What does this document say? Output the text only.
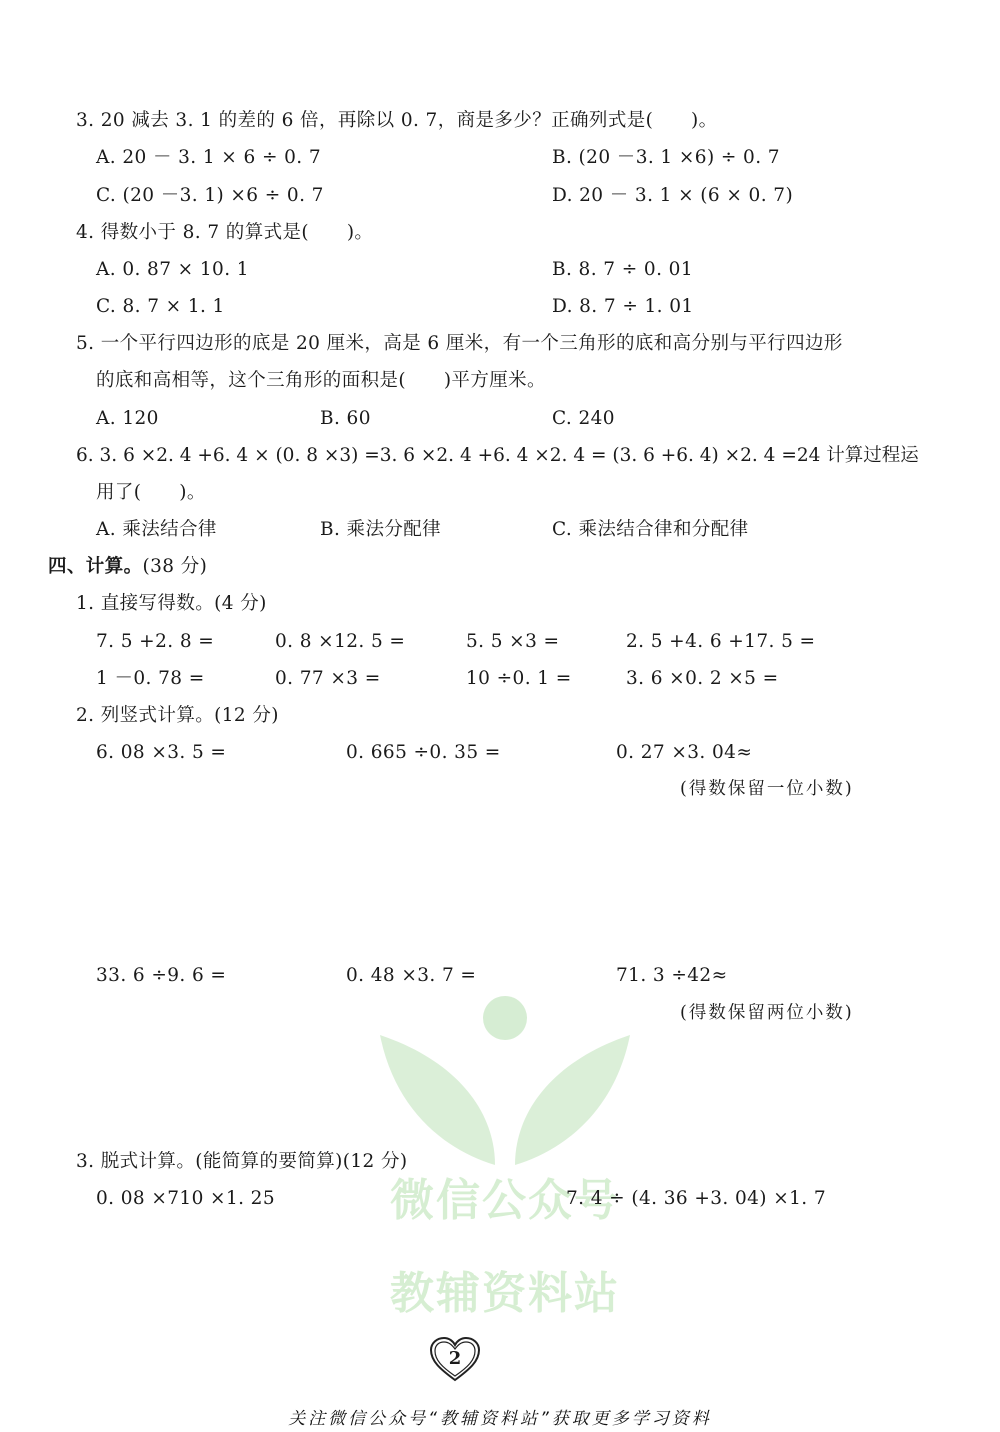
微信公众号
教辅资料站
3. 20 减去 3. 1 的差的 6 倍，再除以 0. 7，商是多少？正确列式是(　　)。
A. 20 － 3. 1 × 6 ÷ 0. 7	B. (20 －3. 1 ×6) ÷ 0. 7
C. (20 －3. 1) ×6 ÷ 0. 7	D. 20 － 3. 1 × (6 × 0. 7)
4. 得数小于 8. 7 的算式是(　　)。
A. 0. 87 × 10. 1	B. 8. 7 ÷ 0. 01
C. 8. 7 × 1. 1	D. 8. 7 ÷ 1. 01
5. 一个平行四边形的底是 20 厘米，高是 6 厘米，有一个三角形的底和高分别与平行四边形
的底和高相等，这个三角形的面积是(　　)平方厘米。
A. 120	B. 60	C. 240
6. 3. 6 ×2. 4 +6. 4 × (0. 8 ×3) =3. 6 ×2. 4 +6. 4 ×2. 4 = (3. 6 +6. 4) ×2. 4 =24 计算过程运
用了(　　)。
A. 乘法结合律	B. 乘法分配律	C. 乘法结合律和分配律
四、计算。(38 分)
1. 直接写得数。(4 分)
7. 5 +2. 8 =	0. 8 ×12. 5 =	5. 5 ×3 =	2. 5 +4. 6 +17. 5 =
1 －0. 78 =	0. 77 ×3 =	10 ÷0. 1 =	3. 6 ×0. 2 ×5 =
2. 列竖式计算。(12 分)
6. 08 ×3. 5 =	0. 665 ÷0. 35 =	0. 27 ×3. 04≈
(得数保留一位小数)
33. 6 ÷9. 6 =	0. 48 ×3. 7 =	71. 3 ÷42≈
(得数保留两位小数)
3. 脱式计算。(能简算的要简算)(12 分)
0. 08 ×710 ×1. 25	7. 4 ÷ (4. 36 +3. 04) ×1. 7
2
关注微信公众号“教辅资料站”获取更多学习资料
